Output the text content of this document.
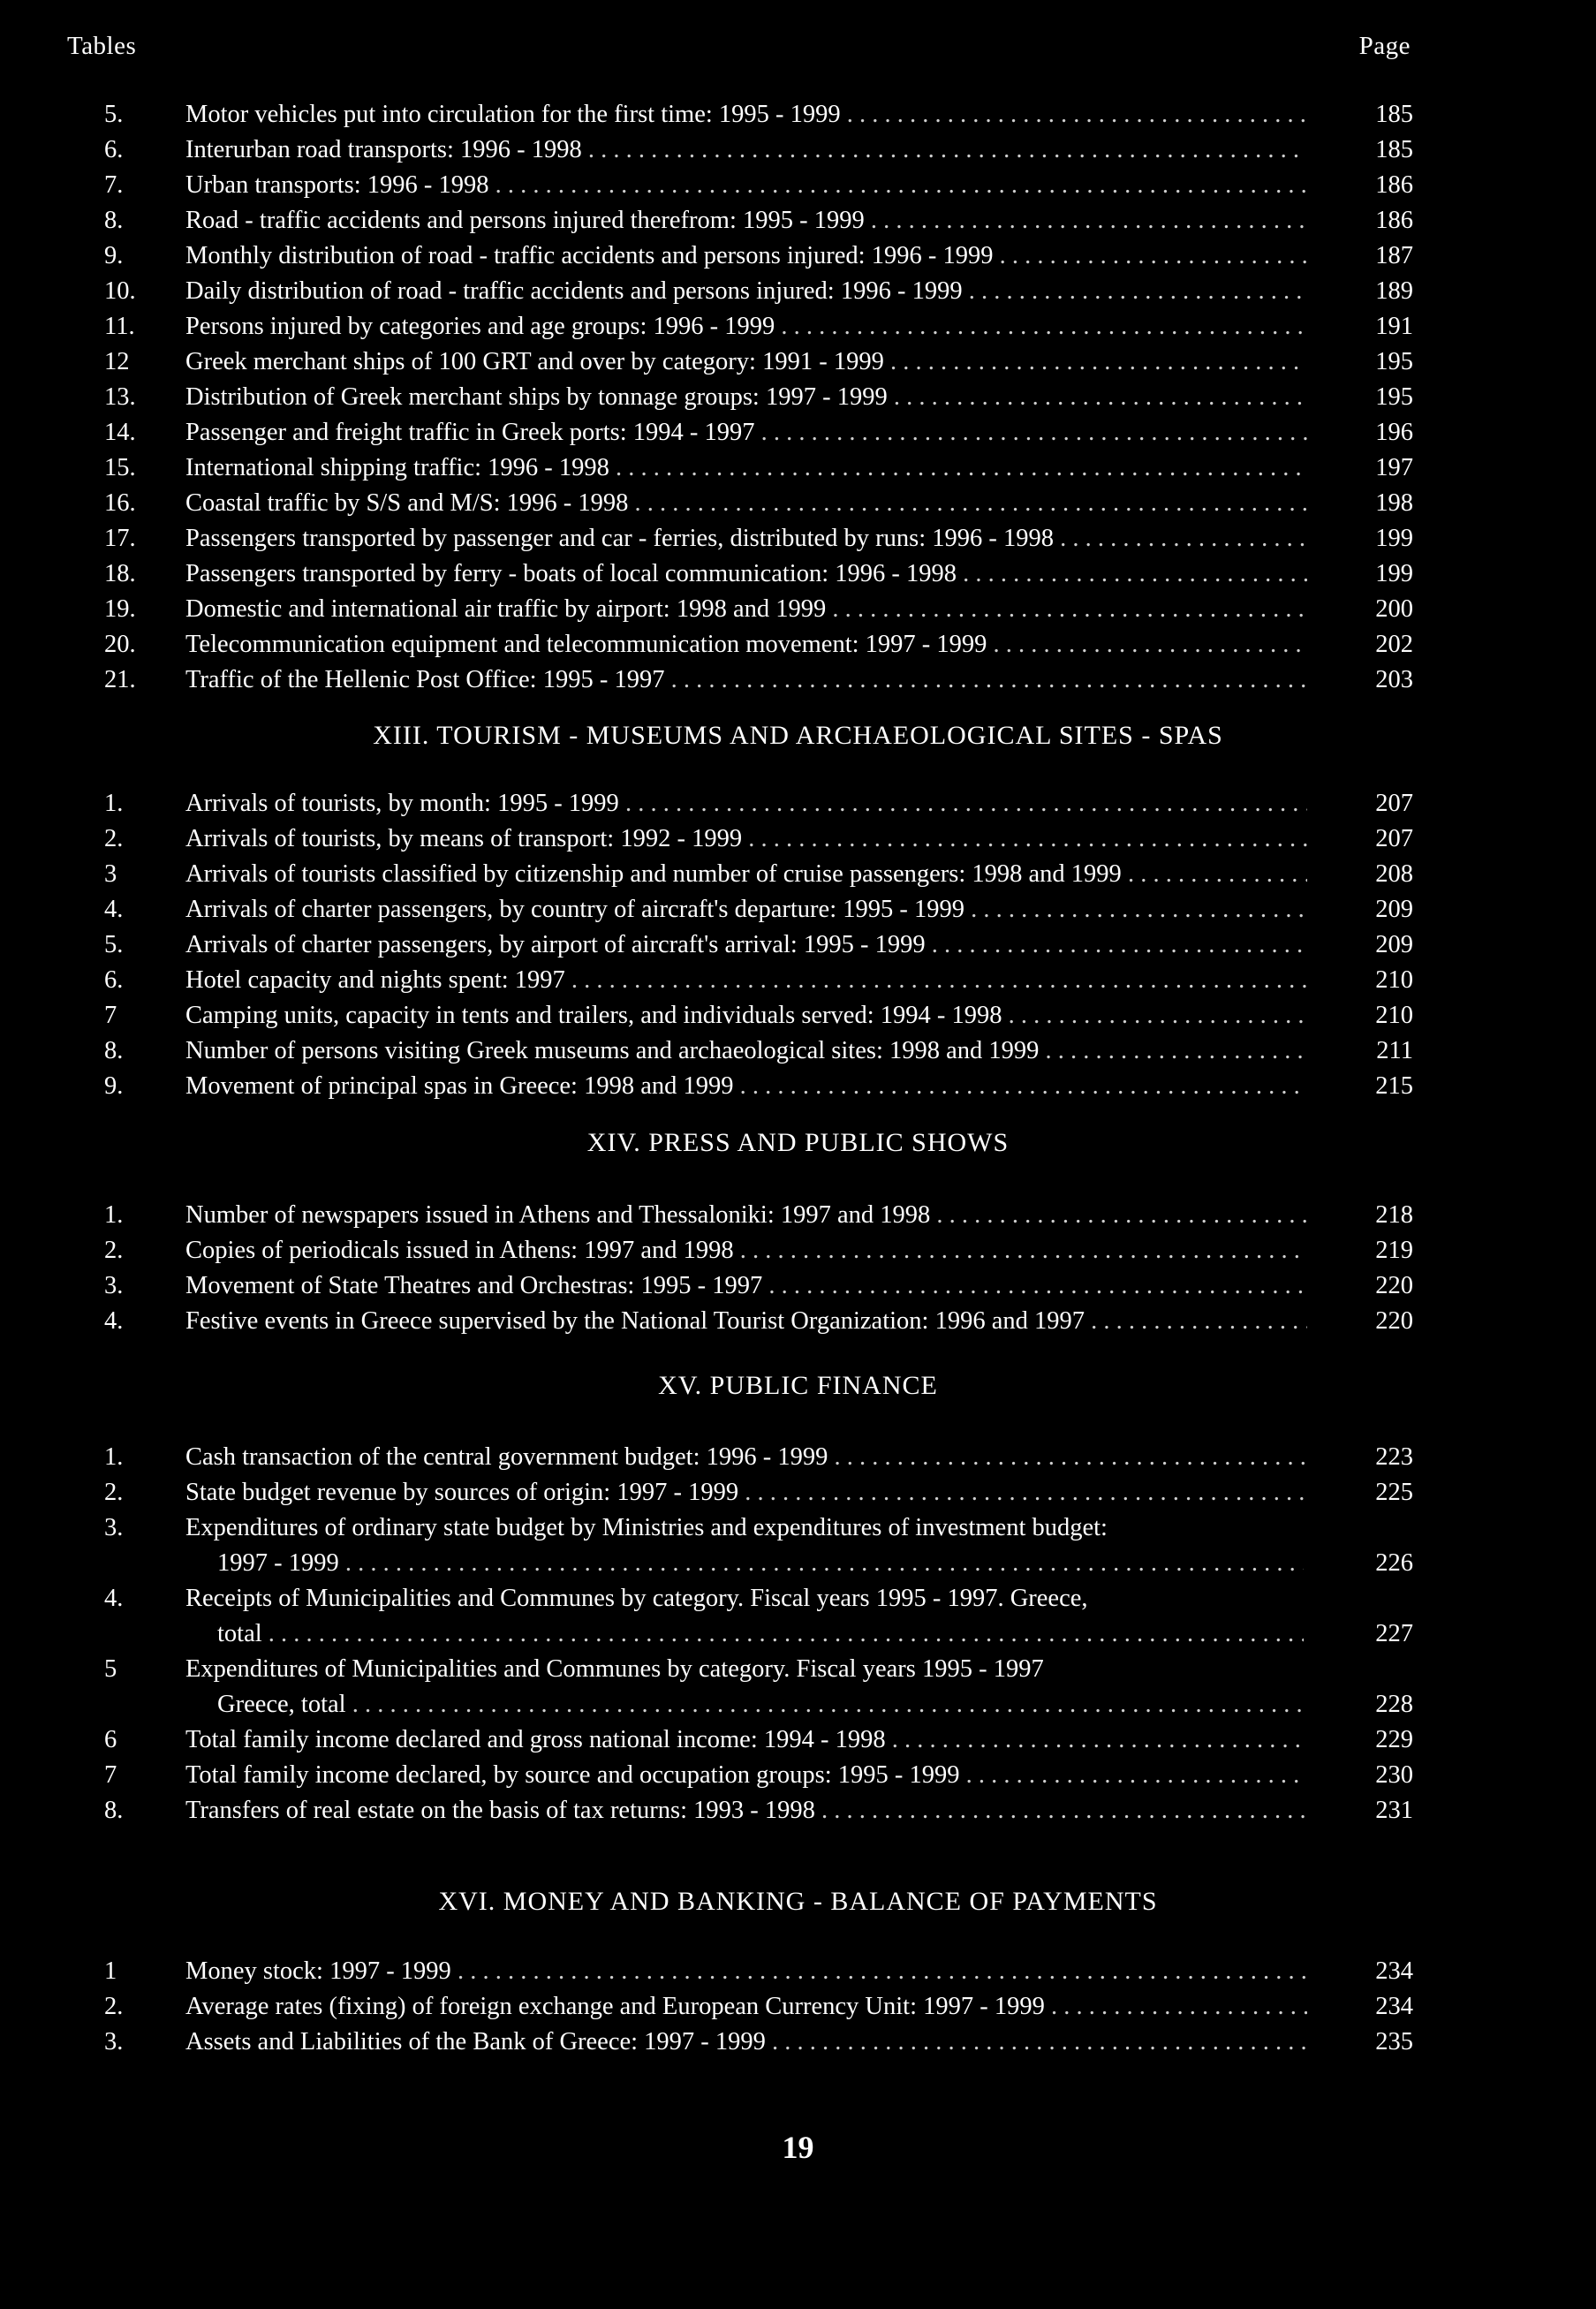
Tables	Page
5.	Motor vehicles put into circulation for the first time: 1995 - 1999 . . .	185
6.	Interurban road transports: 1996 - 1998 . . .	185
7.	Urban transports: 1996 - 1998 . . .	186
8.	Road - traffic accidents and persons injured therefrom: 1995 - 1999 . . .	186
9.	Monthly distribution of road - traffic accidents and persons injured: 1996 - 1999 . . .	187
10.	Daily distribution of road - traffic accidents and persons injured: 1996 - 1999 . . .	189
11.	Persons injured by categories and age groups: 1996 - 1999 . . .	191
12	Greek merchant ships of 100 GRT and over by category: 1991 - 1999 . . .	195
13.	Distribution of Greek merchant ships by tonnage groups: 1997 - 1999 . . .	195
14.	Passenger and freight traffic in Greek ports: 1994 - 1997 . . .	196
15.	International shipping traffic: 1996 - 1998 . . .	197
16.	Coastal traffic by S/S and M/S: 1996 - 1998 . . .	198
17.	Passengers transported by passenger and car - ferries, distributed by runs: 1996 - 1998 . . .	199
18.	Passengers transported by ferry - boats of local communication: 1996 - 1998 . . .	199
19.	Domestic and international air traffic by airport: 1998 and 1999 . . .	200
20.	Telecommunication equipment and telecommunication movement: 1997 - 1999 . . .	202
21.	Traffic of the Hellenic Post Office: 1995 - 1997 . . .	203
XIII. TOURISM - MUSEUMS AND ARCHAEOLOGICAL SITES - SPAS
1.	Arrivals of tourists, by month: 1995 - 1999 . . .	207
2.	Arrivals of tourists, by means of transport: 1992 - 1999 . . .	207
3	Arrivals of tourists classified by citizenship and number of cruise passengers: 1998 and 1999 . . .	208
4.	Arrivals of charter passengers, by country of aircraft's departure: 1995 - 1999 . . .	209
5.	Arrivals of charter passengers, by airport of aircraft's arrival: 1995 - 1999 . . .	209
6.	Hotel capacity and nights spent: 1997 . . .	210
7	Camping units, capacity in tents and trailers, and individuals served: 1994 - 1998 . . .	210
8.	Number of persons visiting Greek museums and archaeological sites: 1998 and 1999 . . .	211
9.	Movement of principal spas in Greece: 1998 and 1999 . . .	215
XIV. PRESS AND PUBLIC SHOWS
1.	Number of newspapers issued in Athens and Thessaloniki: 1997 and 1998 . . .	218
2.	Copies of periodicals issued in Athens: 1997 and 1998 . . .	219
3.	Movement of State Theatres and Orchestras: 1995 - 1997 . . .	220
4.	Festive events in Greece supervised by the National Tourist Organization: 1996 and 1997 . . .	220
XV. PUBLIC FINANCE
1.	Cash transaction of the central government budget: 1996 - 1999 . . .	223
2.	State budget revenue by sources of origin: 1997 - 1999 . . .	225
3.	Expenditures of ordinary state budget by Ministries and expenditures of investment budget:
1997 - 1999 . . .	226
4.	Receipts of Municipalities and Communes by category. Fiscal years 1995 - 1997. Greece,
total . . .	227
5	Expenditures of Municipalities and Communes by category. Fiscal years 1995 - 1997
Greece, total . . .	228
6	Total family income declared and gross national income: 1994 - 1998 . . .	229
7	Total family income declared, by source and occupation groups: 1995 - 1999 . . .	230
8.	Transfers of real estate on the basis of tax returns: 1993 - 1998 . . .	231
XVI. MONEY AND BANKING - BALANCE OF PAYMENTS
1	Money stock: 1997 - 1999 . . .	234
2.	Average rates (fixing) of foreign exchange and European Currency Unit: 1997 - 1999 . . .	234
3.	Assets and Liabilities of the Bank of Greece: 1997 - 1999 . . .	235
19
